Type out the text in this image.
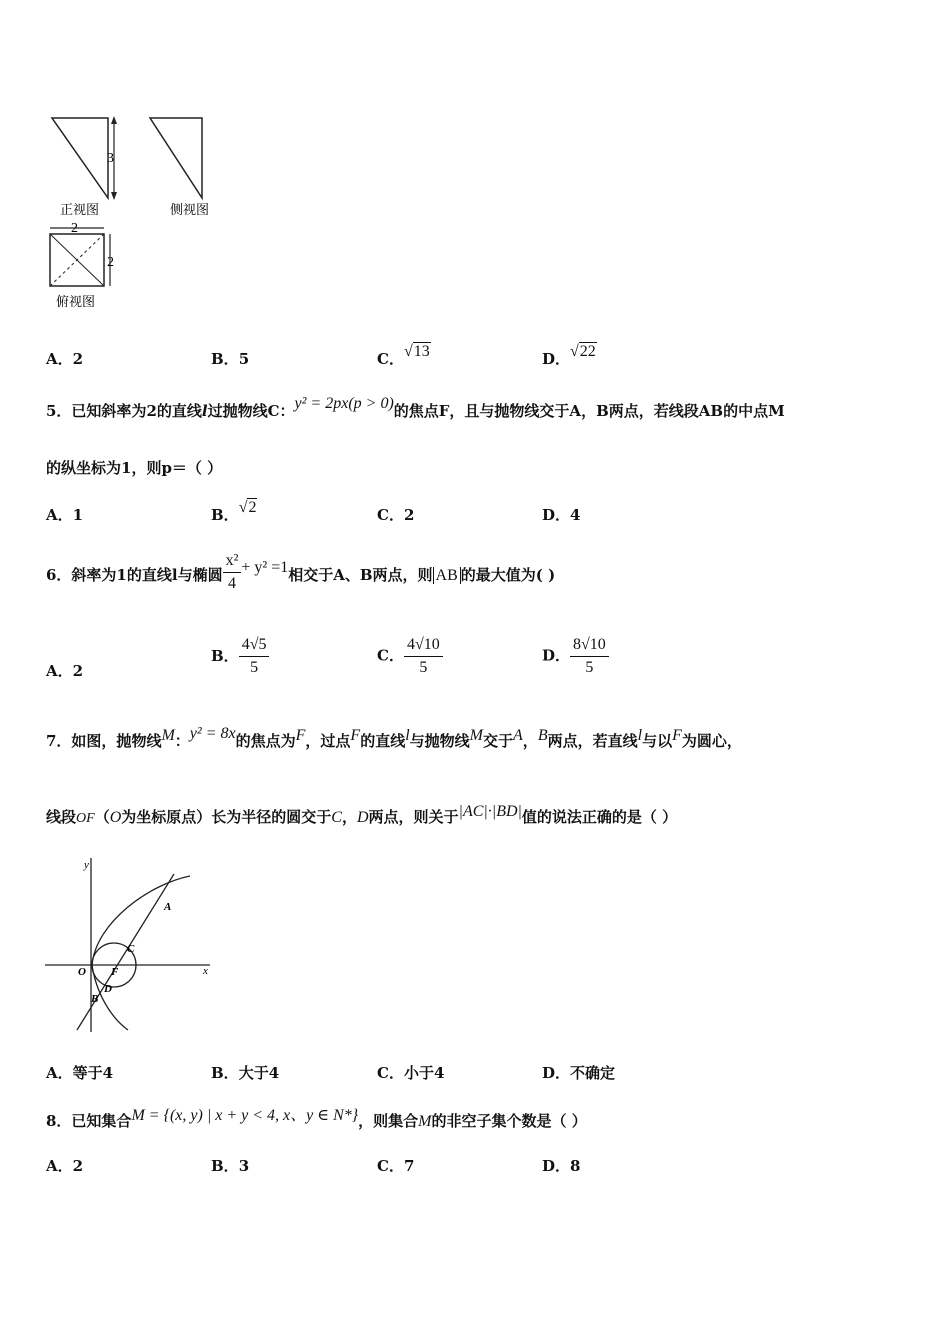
3
正视图	侧视图
2
2
俯视图
A．2	B．5	C．√13	D．√22
5．已知斜率为2的直线l过抛物线C：y² = 2px(p > 0)的焦点F，且与抛物线交于A，B两点，若线段AB的中点M
的纵坐标为1，则p＝（ ）
A．1	B．√2	C．2	D．4
6．斜率为1的直线l与椭圆 $\frac{\text{x²}}{4} + y^2 =1$相交于A、B两点，则 AB 的最大值为( )
A．2
B． $\frac{4√5}{5}$	C． $\frac{4√10}{5}$	D． $\frac{8√10}{5}$
7．如图，抛物线M：y² = 8x的焦点为F，过点F的直线l与抛物线M交于A，B两点，若直线l与以F为圆心，
线段OF（O为坐标原点）长为半径的圆交于C，D两点，则关于|AC|·|BD|值的说法正确的是（ ）
y
x
O F
A
C
D
B
A．等于4	B．大于4	C．小于4	D．不确定
8．已知集合M = {(x, y) | x + y < 4, x、y ∈ N*}，则集合M的非空子集个数是（ ）
A．2	B．3	C．7	D．8
